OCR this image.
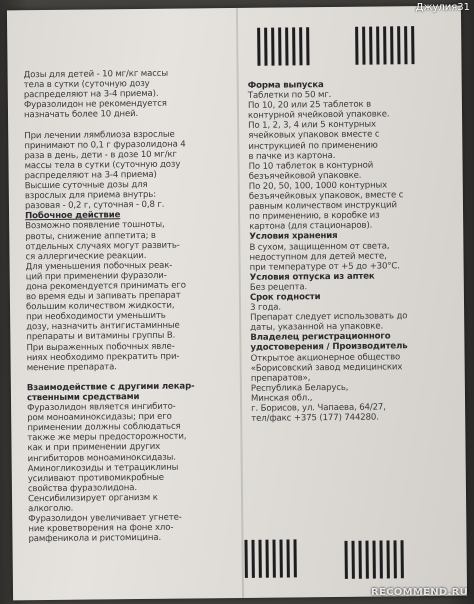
Дозы для детей - 10 мг/кг массы
тела в сутки (суточную дозу
распределяют на 3-4 приема).
Фуразолидон не рекомендуется
назначать более 10 дней.

При лечении лямблиоза взрослые
принимают по 0,1 г фуразолидона 4
раза в день, дети - в дозе 10 мг/кг
массы тела в сутки (суточную дозу
распределяют на 3-4 приема)
Высшие суточные дозы для
взрослых для приема внутрь:
разовая - 0,2 г, суточная - 0,8 г.
Побочное действие
Возможно появление тошноты,
рвоты, снижение аппетита; в
отдельных случаях могут развить-
ся аллергические реакции.
Для уменьшения побочных реак-
ций при применении фуразоли-
дона рекомендуется принимать его
во время еды и запивать препарат
большим количеством жидкости,
при необходимости уменьшить
дозу, назначить антигистаминные
препараты и витамины группы В.
При выраженных побочных явле-
ниях необходимо прекратить при-
менение препарата.

Взаимодействие с другими лекар-
ственными средствами
Фуразолидон является ингибито-
ром моноаминоксидазы; при его
применении должны соблюдаться
также же меры предосторожности,
как и при применении других
ингибиторов моноаминоксидазы.
Аминогликозиды и тетрациклины
усиливают противомикробные
свойства фуразолидона.
Сенсибилизирует организм к
алкоголю.
Фуразолидон увеличивает угнете-
ние кроветворения на фоне хло-
рамфеникола и ристомицина.
Форма выпуска
Таблетки по 50 мг.
По 10, 20 или 25 таблеток в
контурной ячейковой упаковке.
По 1, 2, 3, 4 или 5 контурных
ячейковых упаковок вместе с
инструкцией по применению
в пачке из картона.
По 10 таблеток в контурной
безъячейковой упаковке.
По 20, 50, 100, 1000 контурных
безъячейковых упаковок, вместе с
равным количеством инструкций
по применению, в коробке из
картона (для стационаров).
Условия хранения
В сухом, защищенном от света,
недоступном для детей месте,
при температуре от +5 до +30°С.
Условия отпуска из аптек
Без рецепта.
Срок годности
3 года.
Препарат следует использовать до
даты, указанной на упаковке.
Владелец регистрационного
удостоверения / Производитель
Открытое акционерное общество
«Борисовский завод медицинских
препаратов»,
Республика Беларусь,
Минская обл.,
г. Борисов, ул. Чапаева, 64/27,
тел/факс +375 (177) 744280.
Джулия31
RECOMMEND.RU
